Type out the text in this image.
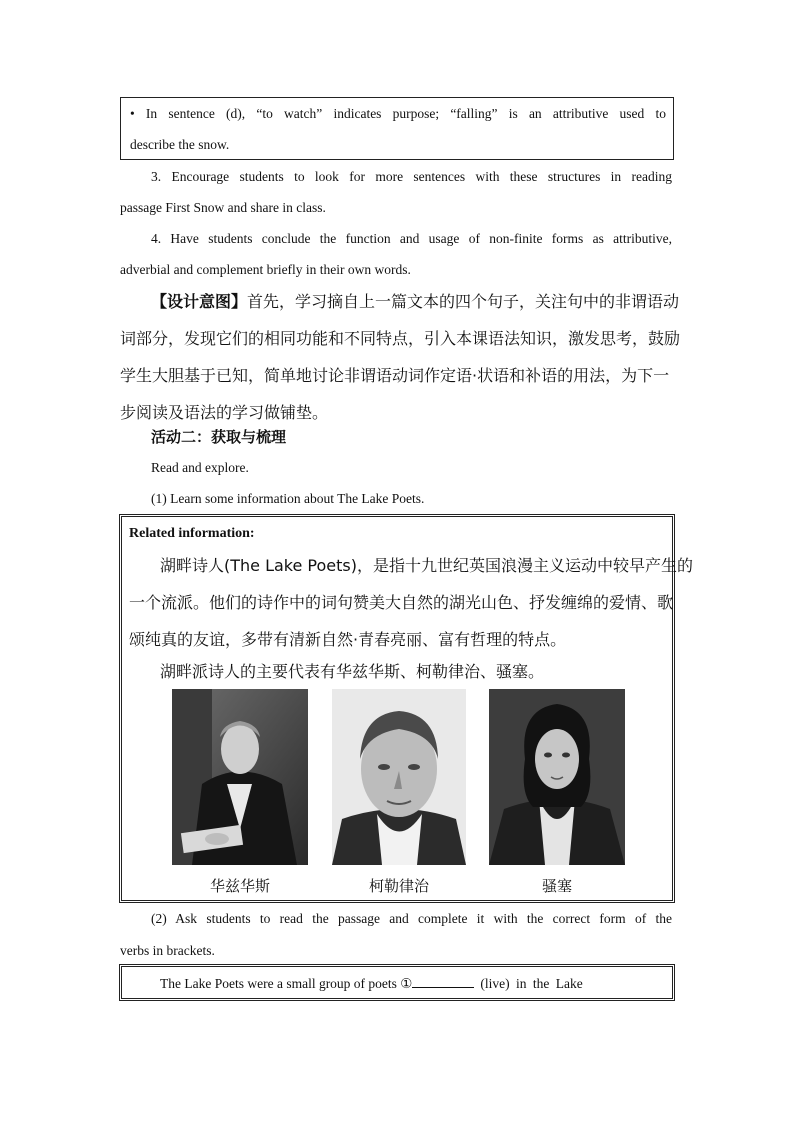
• In sentence (d), “to watch” indicates purpose; “falling” is an attributive used to
describe the snow.
3. Encourage students to look for more sentences with these structures in reading
passage First Snow and share in class.
4. Have students conclude the function and usage of non-finite forms as attributive,
adverbial and complement briefly in their own words.
【设计意图】首先，学习摘自上一篇文本的四个句子，关注句中的非谓语动
词部分，发现它们的相同功能和不同特点，引入本课语法知识，激发思考，鼓励
学生大胆基于已知，简单地讨论非谓语动词作定语·状语和补语的用法，为下一
步阅读及语法的学习做铺垫。
活动二：获取与梳理
Read and explore.
(1) Learn some information about The Lake Poets.
Related information:
湖畔诗人(The Lake Poets)，是指十九世纪英国浪漫主义运动中较早产生的
一个流派。他们的诗作中的词句赞美大自然的湖光山色、抒发缠绵的爱情、歌
颂纯真的友谊，多带有清新自然·青春亮丽、富有哲理的特点。
湖畔派诗人的主要代表有华兹华斯、柯勒律治、骚塞。
华兹华斯	柯勒律治	骚塞
(2) Ask students to read the passage and complete it with the correct form of the
verbs in brackets.
The Lake Poets were a small group of poets ①	(live) in the Lake
